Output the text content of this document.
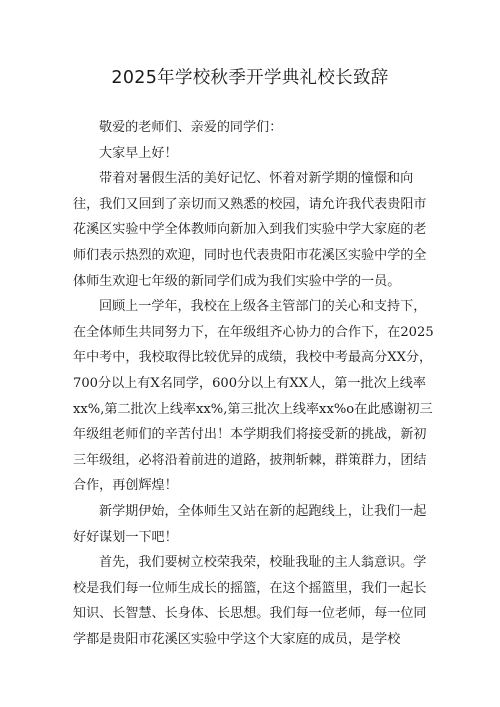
2025年学校秋季开学典礼校长致辞

敬爱的老师们、亲爱的同学们：

大家早上好！

带着对暑假生活的美好记忆、怀着对新学期的憧憬和向往，我们又回到了亲切而又熟悉的校园，请允许我代表贵阳市花溪区实验中学全体教师向新加入到我们实验中学大家庭的老师们表示热烈的欢迎，同时也代表贵阳市花溪区实验中学的全体师生欢迎七年级的新同学们成为我们实验中学的一员。

回顾上一学年，我校在上级各主管部门的关心和支持下，在全体师生共同努力下，在年级组齐心协力的合作下，在2025年中考中，我校取得比较优异的成绩，我校中考最高分XX分，700分以上有X名同学，600分以上有XX人，第一批次上线率xx%,第二批次上线率xx%,第三批次上线率xx%o在此感谢初三年级组老师们的辛苦付出！本学期我们将接受新的挑战，新初三年级组，必将沿着前进的道路，披荆斩棘，群策群力，团结合作，再创辉煌！

新学期伊始，全体师生又站在新的起跑线上，让我们一起好好谋划一下吧！

首先，我们要树立校荣我荣，校耻我耻的主人翁意识。学校是我们每一位师生成长的摇篮，在这个摇篮里，我们一起长知识、长智慧、长身体、长思想。我们每一位老师，每一位同学都是贵阳市花溪区实验中学这个大家庭的成员，是学校
